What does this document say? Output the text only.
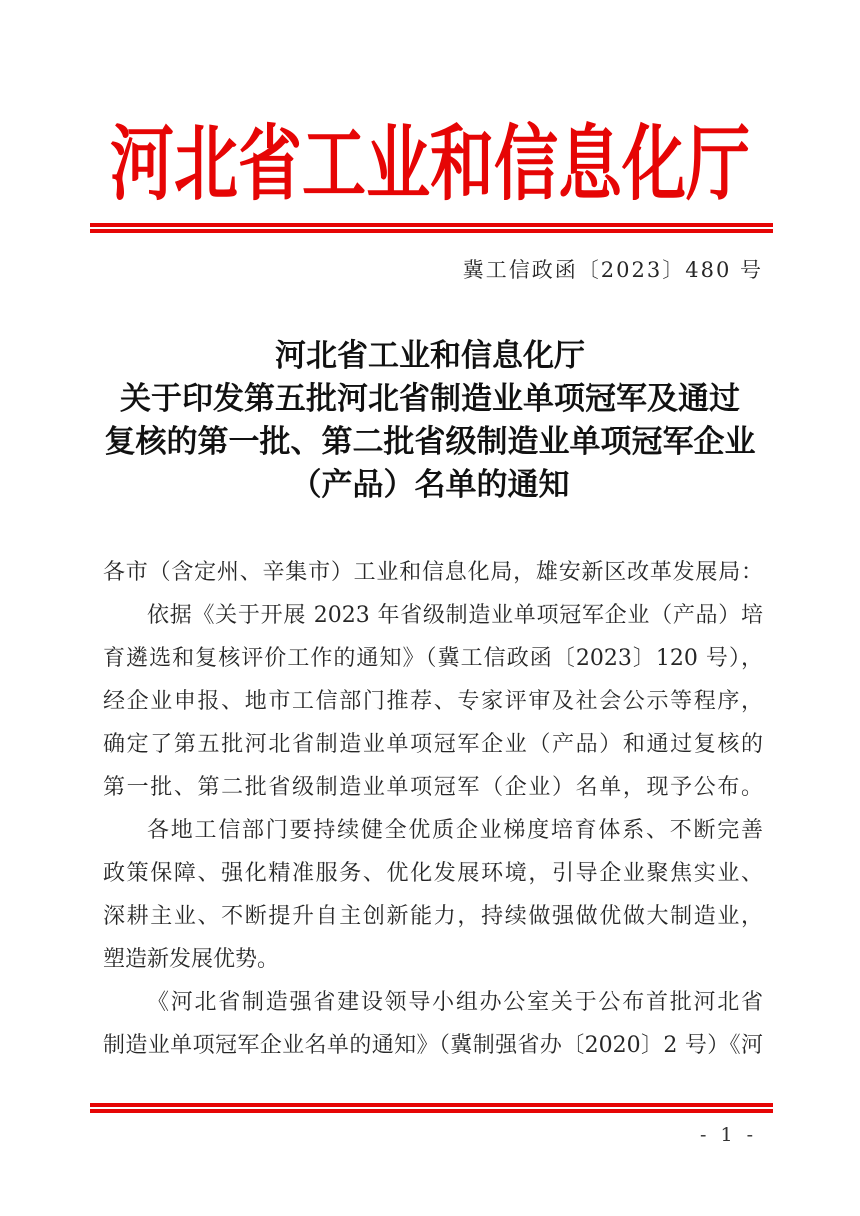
河北省工业和信息化厅
冀工信政函〔2023〕480 号
河北省工业和信息化厅
关于印发第五批河北省制造业单项冠军及通过
复核的第一批、第二批省级制造业单项冠军企业
（产品）名单的通知
各市（含定州、辛集市）工业和信息化局，雄安新区改革发展局：
依据《关于开展 2023 年省级制造业单项冠军企业（产品）培
育遴选和复核评价工作的通知》（冀工信政函〔2023〕120 号），
经企业申报、地市工信部门推荐、专家评审及社会公示等程序，
确定了第五批河北省制造业单项冠军企业（产品）和通过复核的
第一批、第二批省级制造业单项冠军（企业）名单，现予公布。
各地工信部门要持续健全优质企业梯度培育体系、不断完善
政策保障、强化精准服务、优化发展环境，引导企业聚焦实业、
深耕主业、不断提升自主创新能力，持续做强做优做大制造业，
塑造新发展优势。
《河北省制造强省建设领导小组办公室关于公布首批河北省
制造业单项冠军企业名单的通知》（冀制强省办〔2020〕2 号）《河
- 1 -
